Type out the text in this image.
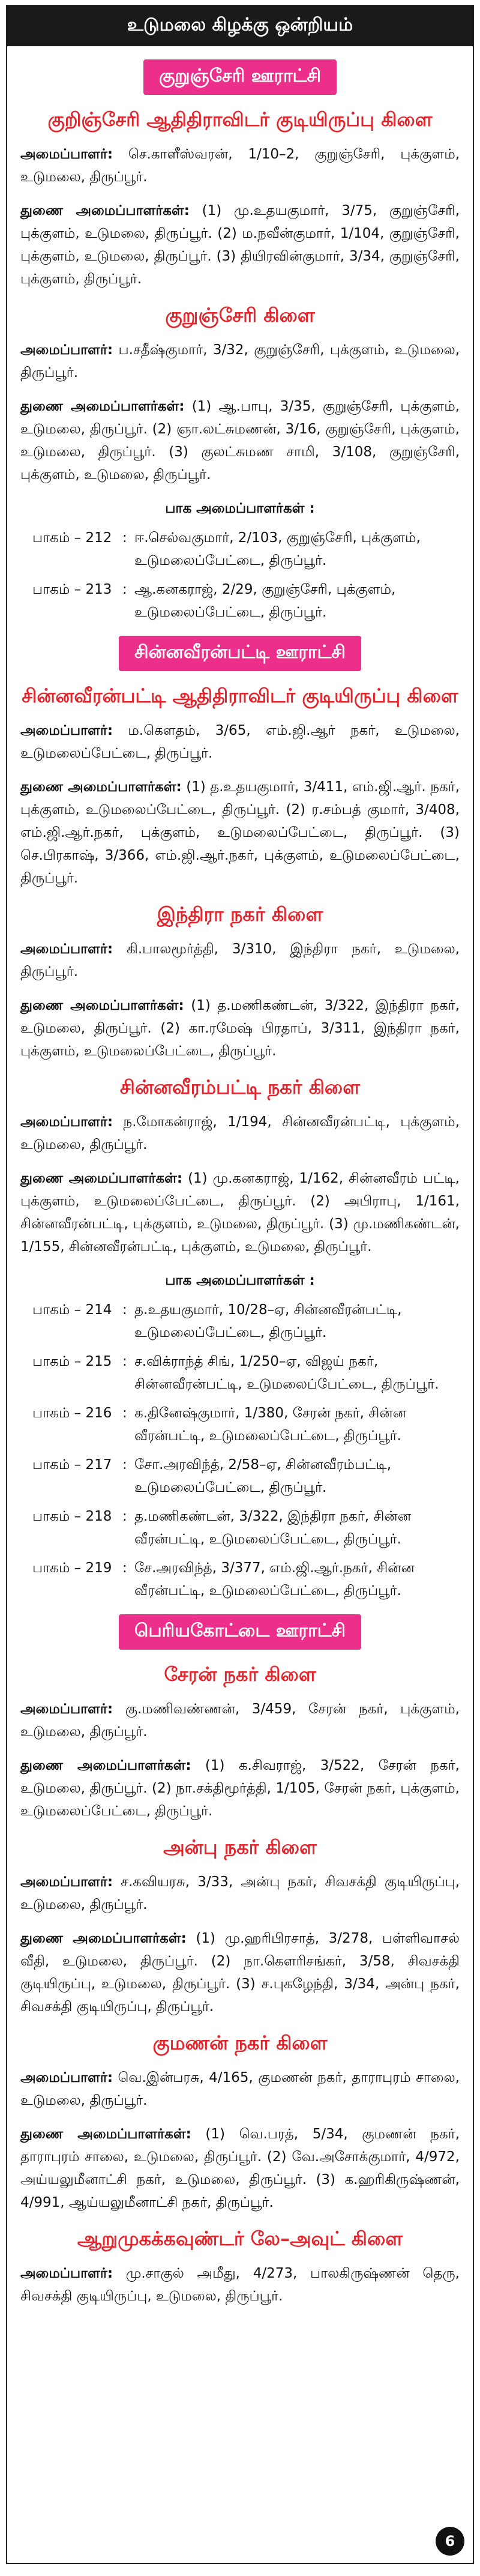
உடுமலை கிழக்கு ஒன்றியம்
குறுஞ்சேரி ஊராட்சி
குறிஞ்சேரி ஆதிதிராவிடர் குடியிருப்பு கிளை

அமைப்பாளர்: செ.காளீஸ்வரன், 1/10–2, குறுஞ்சேரி, புக்குளம், உடுமலை, திருப்பூர்.

துணை அமைப்பாளர்கள்: (1) மு.உதயகுமார், 3/75, குறுஞ்சேரி, புக்குளம், உடுமலை, திருப்பூர். (2) ம.நவீன்குமார், 1/104, குறுஞ்சேரி, புக்குளம், உடுமலை, திருப்பூர். (3) தியிரவின்குமார், 3/34, குறுஞ்சேரி, புக்குளம், திருப்பூர்.

குறுஞ்சேரி கிளை

அமைப்பாளர்: ப.சதீஷ்குமார், 3/32, குறுஞ்சேரி, புக்குளம், உடுமலை, திருப்பூர்.

துணை அமைப்பாளர்கள்: (1) ஆ.பாபு, 3/35, குறுஞ்சேரி, புக்குளம், உடுமலை, திருப்பூர். (2) ஞா.லட்சுமணன், 3/16, குறுஞ்சேரி, புக்குளம், உடுமலை, திருப்பூர். (3) குலட்சுமண சாமி, 3/108, குறுஞ்சேரி, புக்குளம், உடுமலை, திருப்பூர்.

பாக அமைப்பாளர்கள் :
பாகம் – 212 : ஈ.செல்வகுமார், 2/103, குறுஞ்சேரி, புக்குளம், உடுமலைப்பேட்டை, திருப்பூர்.
பாகம் – 213 : ஆ.கனகராஜ், 2/29, குறுஞ்சேரி, புக்குளம், உடுமலைப்பேட்டை, திருப்பூர்.
சின்னவீரன்பட்டி ஊராட்சி
சின்னவீரன்பட்டி ஆதிதிராவிடர் குடியிருப்பு கிளை

அமைப்பாளர்: ம.கௌதம், 3/65, எம்.ஜி.ஆர் நகர், உடுமலை, உடுமலைப்பேட்டை, திருப்பூர்.

துணை அமைப்பாளர்கள்: (1) த.உதயகுமார், 3/411, எம்.ஜி.ஆர். நகர், புக்குளம், உடுமலைப்பேட்டை, திருப்பூர். (2) ர.சம்பத் குமார், 3/408, எம்.ஜி.ஆர்.நகர், புக்குளம், உடுமலைப்பேட்டை, திருப்பூர். (3) செ.பிரகாஷ், 3/366, எம்.ஜி.ஆர்.நகர், புக்குளம், உடுமலைப்பேட்டை, திருப்பூர்.

இந்திரா நகர் கிளை

அமைப்பாளர்: கி.பாலமூர்த்தி, 3/310, இந்திரா நகர், உடுமலை, திருப்பூர்.

துணை அமைப்பாளர்கள்: (1) த.மணிகண்டன், 3/322, இந்திரா நகர், உடுமலை, திருப்பூர். (2) கா.ரமேஷ் பிரதாப், 3/311, இந்திரா நகர், புக்குளம், உடுமலைப்பேட்டை, திருப்பூர்.

சின்னவீரம்பட்டி நகர் கிளை

அமைப்பாளர்: ந.மோகன்ராஜ், 1/194, சின்னவீரன்பட்டி, புக்குளம், உடுமலை, திருப்பூர்.

துணை அமைப்பாளர்கள்: (1) மு.கனகராஜ், 1/162, சின்னவீரம் பட்டி, புக்குளம், உடுமலைப்பேட்டை, திருப்பூர். (2) அபிராபு, 1/161, சின்னவீரன்பட்டி, புக்குளம், உடுமலை, திருப்பூர். (3) மு.மணிகண்டன், 1/155, சின்னவீரன்பட்டி, புக்குளம், உடுமலை, திருப்பூர்.

பாக அமைப்பாளர்கள் :
பாகம் – 214 : த.உதயகுமார், 10/28–ஏ, சின்னவீரன்பட்டி, உடுமலைப்பேட்டை, திருப்பூர்.
பாகம் – 215 : ச.விக்ராந்த் சிங், 1/250–ஏ, விஜய் நகர், சின்னவீரன்பட்டி, உடுமலைப்பேட்டை, திருப்பூர்.
பாகம் – 216 : க.தினேஷ்குமார், 1/380, சேரன் நகர், சின்ன வீரன்பட்டி, உடுமலைப்பேட்டை, திருப்பூர்.
பாகம் – 217 : சோ.அரவிந்த், 2/58–ஏ, சின்னவீரம்பட்டி, உடுமலைப்பேட்டை, திருப்பூர்.
பாகம் – 218 : த.மணிகண்டன், 3/322, இந்திரா நகர், சின்ன வீரன்பட்டி, உடுமலைப்பேட்டை, திருப்பூர்.
பாகம் – 219 : சே.அரவிந்த், 3/377, எம்.ஜி.ஆர்.நகர், சின்ன வீரன்பட்டி, உடுமலைப்பேட்டை, திருப்பூர்.
பெரியகோட்டை ஊராட்சி
சேரன் நகர் கிளை

அமைப்பாளர்: கு.மணிவண்ணன், 3/459, சேரன் நகர், புக்குளம், உடுமலை, திருப்பூர்.

துணை அமைப்பாளர்கள்: (1) க.சிவராஜ், 3/522, சேரன் நகர், உடுமலை, திருப்பூர். (2) நா.சக்திமூர்த்தி, 1/105, சேரன் நகர், புக்குளம், உடுமலைப்பேட்டை, திருப்பூர்.

அன்பு நகர் கிளை

அமைப்பாளர்: ச.கவியரசு, 3/33, அன்பு நகர், சிவசக்தி குடியிருப்பு, உடுமலை, திருப்பூர்.

துணை அமைப்பாளர்கள்: (1) மு.ஹரிபிரசாத், 3/278, பள்ளிவாசல் வீதி, உடுமலை, திருப்பூர். (2) நா.கௌரிசங்கர், 3/58, சிவசக்தி குடியிருப்பு, உடுமலை, திருப்பூர். (3) ச.புகழேந்தி, 3/34, அன்பு நகர், சிவசக்தி குடியிருப்பு, திருப்பூர்.

குமணன் நகர் கிளை

அமைப்பாளர்: வெ.இன்பரசு, 4/165, குமணன் நகர், தாராபுரம் சாலை, உடுமலை, திருப்பூர்.

துணை அமைப்பாளர்கள்: (1) வெ.பரத், 5/34, குமணன் நகர், தாராபுரம் சாலை, உடுமலை, திருப்பூர். (2) வே.அசோக்குமார், 4/972, அய்யலுமீனாட்சி நகர், உடுமலை, திருப்பூர். (3) க.ஹரிகிருஷ்ணன், 4/991, ஆய்யலுமீனாட்சி நகர், திருப்பூர்.

ஆறுமுகக்கவுண்டர் லே–அவுட் கிளை

அமைப்பாளர்: மு.சாகுல் அமீது, 4/273, பாலகிருஷ்ணன் தெரு, சிவசக்தி குடியிருப்பு, உடுமலை, திருப்பூர்.

6
